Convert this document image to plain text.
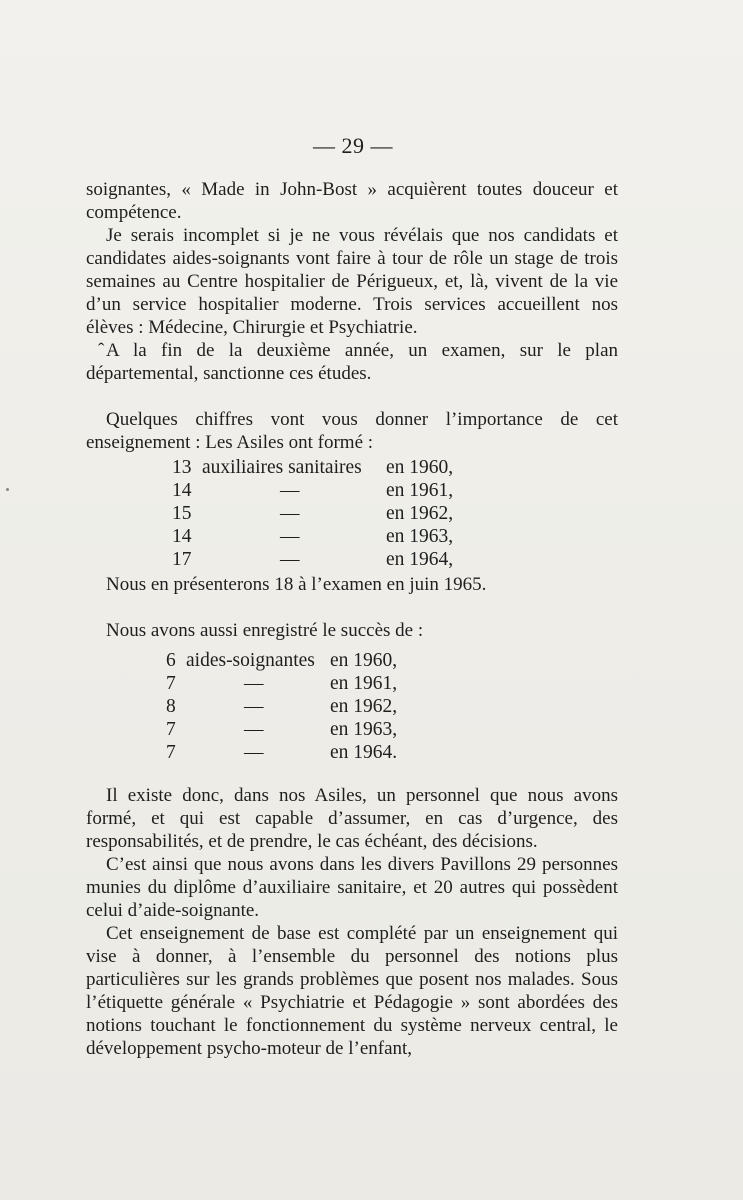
— 29 —

soignantes, « Made in John-Bost » acquièrent toutes douceur et compétence.

Je serais incomplet si je ne vous révélais que nos candidats et candidates aides-soignants vont faire à tour de rôle un stage de trois semaines au Centre hospitalier de Périgueux, et, là, vivent de la vie d’un service hospitalier moderne. Trois services accueillent nos élèves : Médecine, Chirurgie et Psychiatrie.

ˆ A la fin de la deuxième année, un examen, sur le plan départemental, sanctionne ces études.

Quelques chiffres vont vous donner l’importance de cet enseignement : Les Asiles ont formé :

13 auxiliaires sanitaires en 1960,
14	—	en 1961,
15	—	en 1962,
14	—	en 1963,
17	—	en 1964,

Nous en présenterons 18 à l’examen en juin 1965.

Nous avons aussi enregistré le succès de :

6 aides-soignantes en 1960,
7	—	en 1961,
8	—	en 1962,
7	—	en 1963,
7	—	en 1964.

Il existe donc, dans nos Asiles, un personnel que nous avons formé, et qui est capable d’assumer, en cas d’urgence, des responsabilités, et de prendre, le cas échéant, des décisions.

C’est ainsi que nous avons dans les divers Pavillons 29 personnes munies du diplôme d’auxiliaire sanitaire, et 20 autres qui possèdent celui d’aide-soignante.

Cet enseignement de base est complété par un enseignement qui vise à donner, à l’ensemble du personnel des notions plus particulières sur les grands problèmes que posent nos malades. Sous l’étiquette générale « Psychiatrie et Pédagogie » sont abordées des notions touchant le fonctionnement du système nerveux central, le développement psycho-moteur de l’enfant,
